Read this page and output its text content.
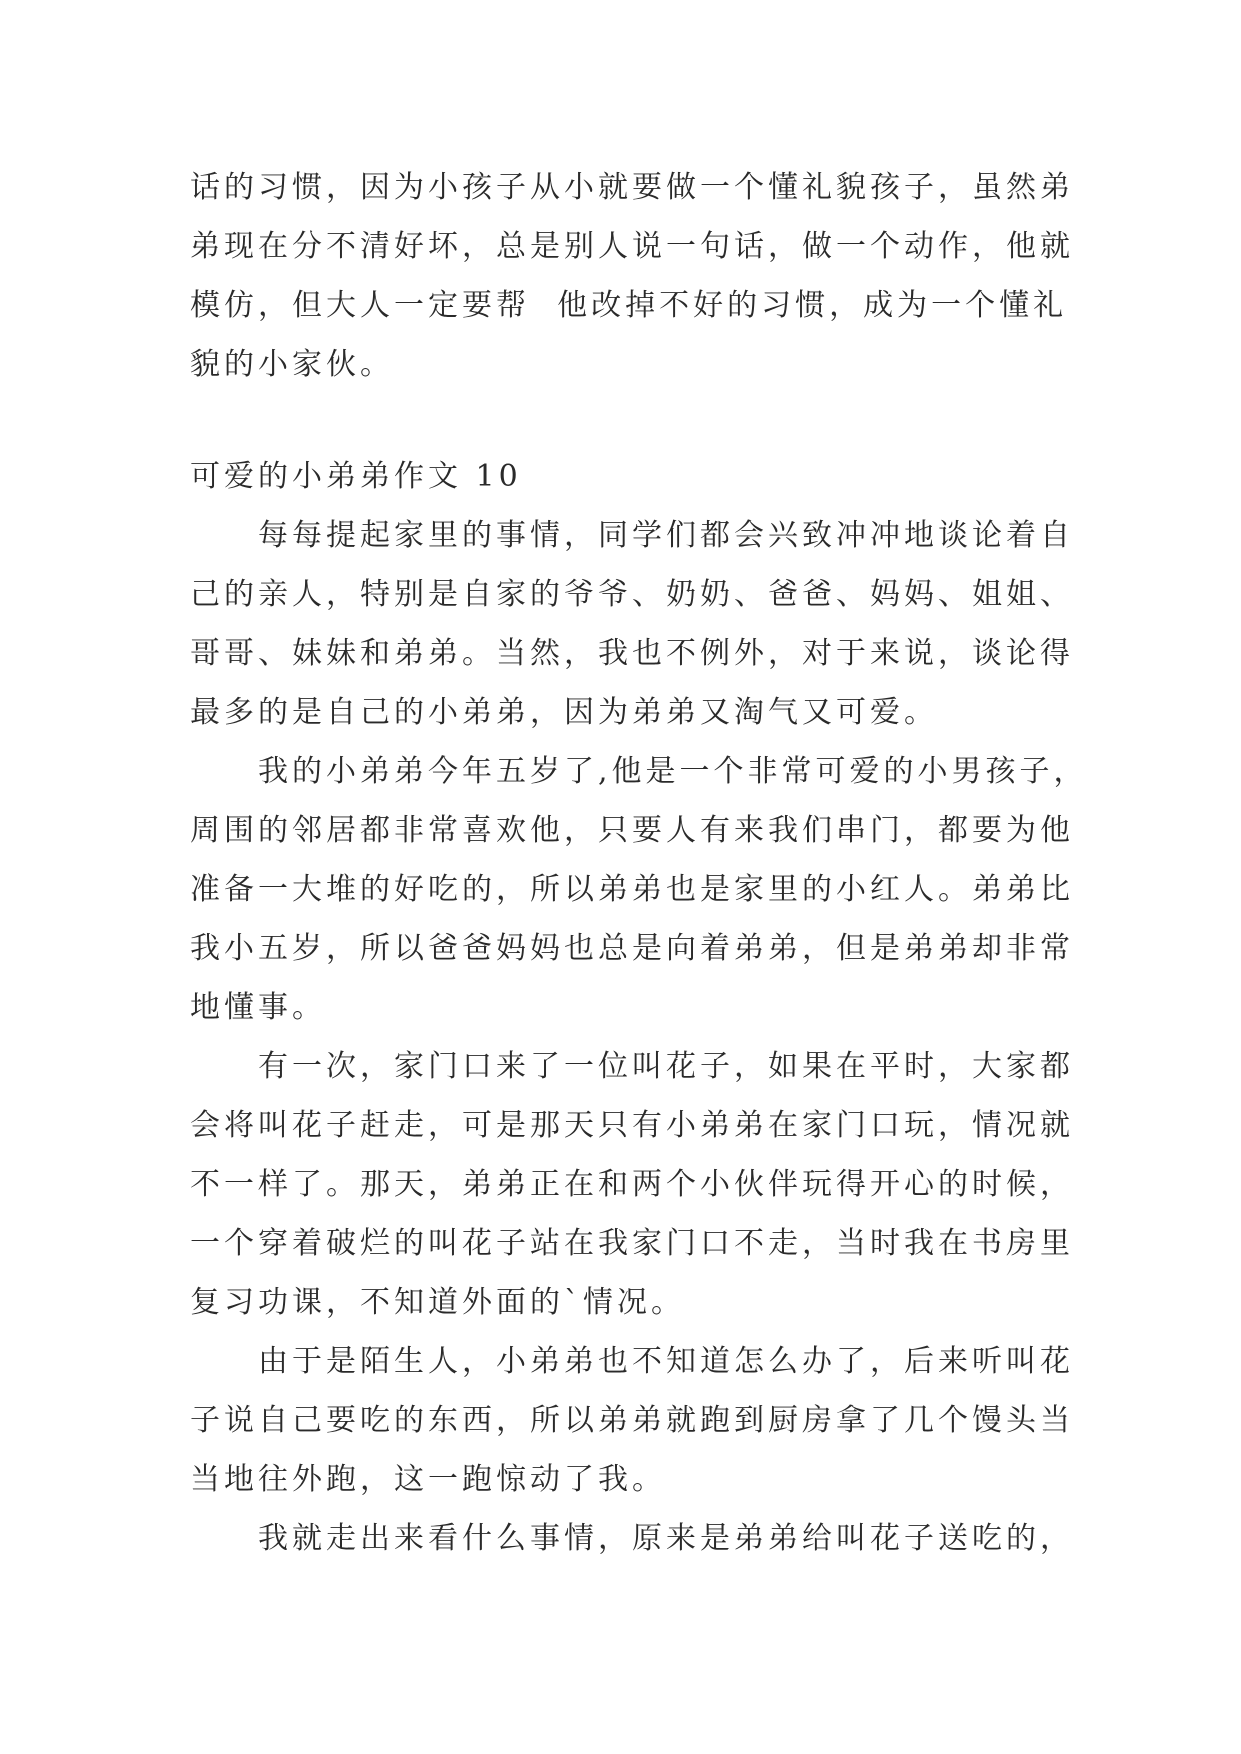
话的习惯，因为小孩子从小就要做一个懂礼貌孩子，虽然弟
弟现在分不清好坏，总是别人说一句话，做一个动作，他就
模仿，但大人一定要帮  他改掉不好的习惯，成为一个懂礼
貌的小家伙。
可爱的小弟弟作文 10
每每提起家里的事情，同学们都会兴致冲冲地谈论着自
己的亲人，特别是自家的爷爷、奶奶、爸爸、妈妈、姐姐、
哥哥、妹妹和弟弟。当然，我也不例外，对于来说，谈论得
最多的是自己的小弟弟，因为弟弟又淘气又可爱。
我的小弟弟今年五岁了,他是一个非常可爱的小男孩子，
周围的邻居都非常喜欢他，只要人有来我们串门，都要为他
准备一大堆的好吃的，所以弟弟也是家里的小红人。弟弟比
我小五岁，所以爸爸妈妈也总是向着弟弟，但是弟弟却非常
地懂事。
有一次，家门口来了一位叫花子，如果在平时，大家都
会将叫花子赶走，可是那天只有小弟弟在家门口玩，情况就
不一样了。那天，弟弟正在和两个小伙伴玩得开心的时候，
一个穿着破烂的叫花子站在我家门口不走，当时我在书房里
复习功课，不知道外面的`情况。
由于是陌生人，小弟弟也不知道怎么办了，后来听叫花
子说自己要吃的东西，所以弟弟就跑到厨房拿了几个馒头当
当地往外跑，这一跑惊动了我。
我就走出来看什么事情，原来是弟弟给叫花子送吃的，
